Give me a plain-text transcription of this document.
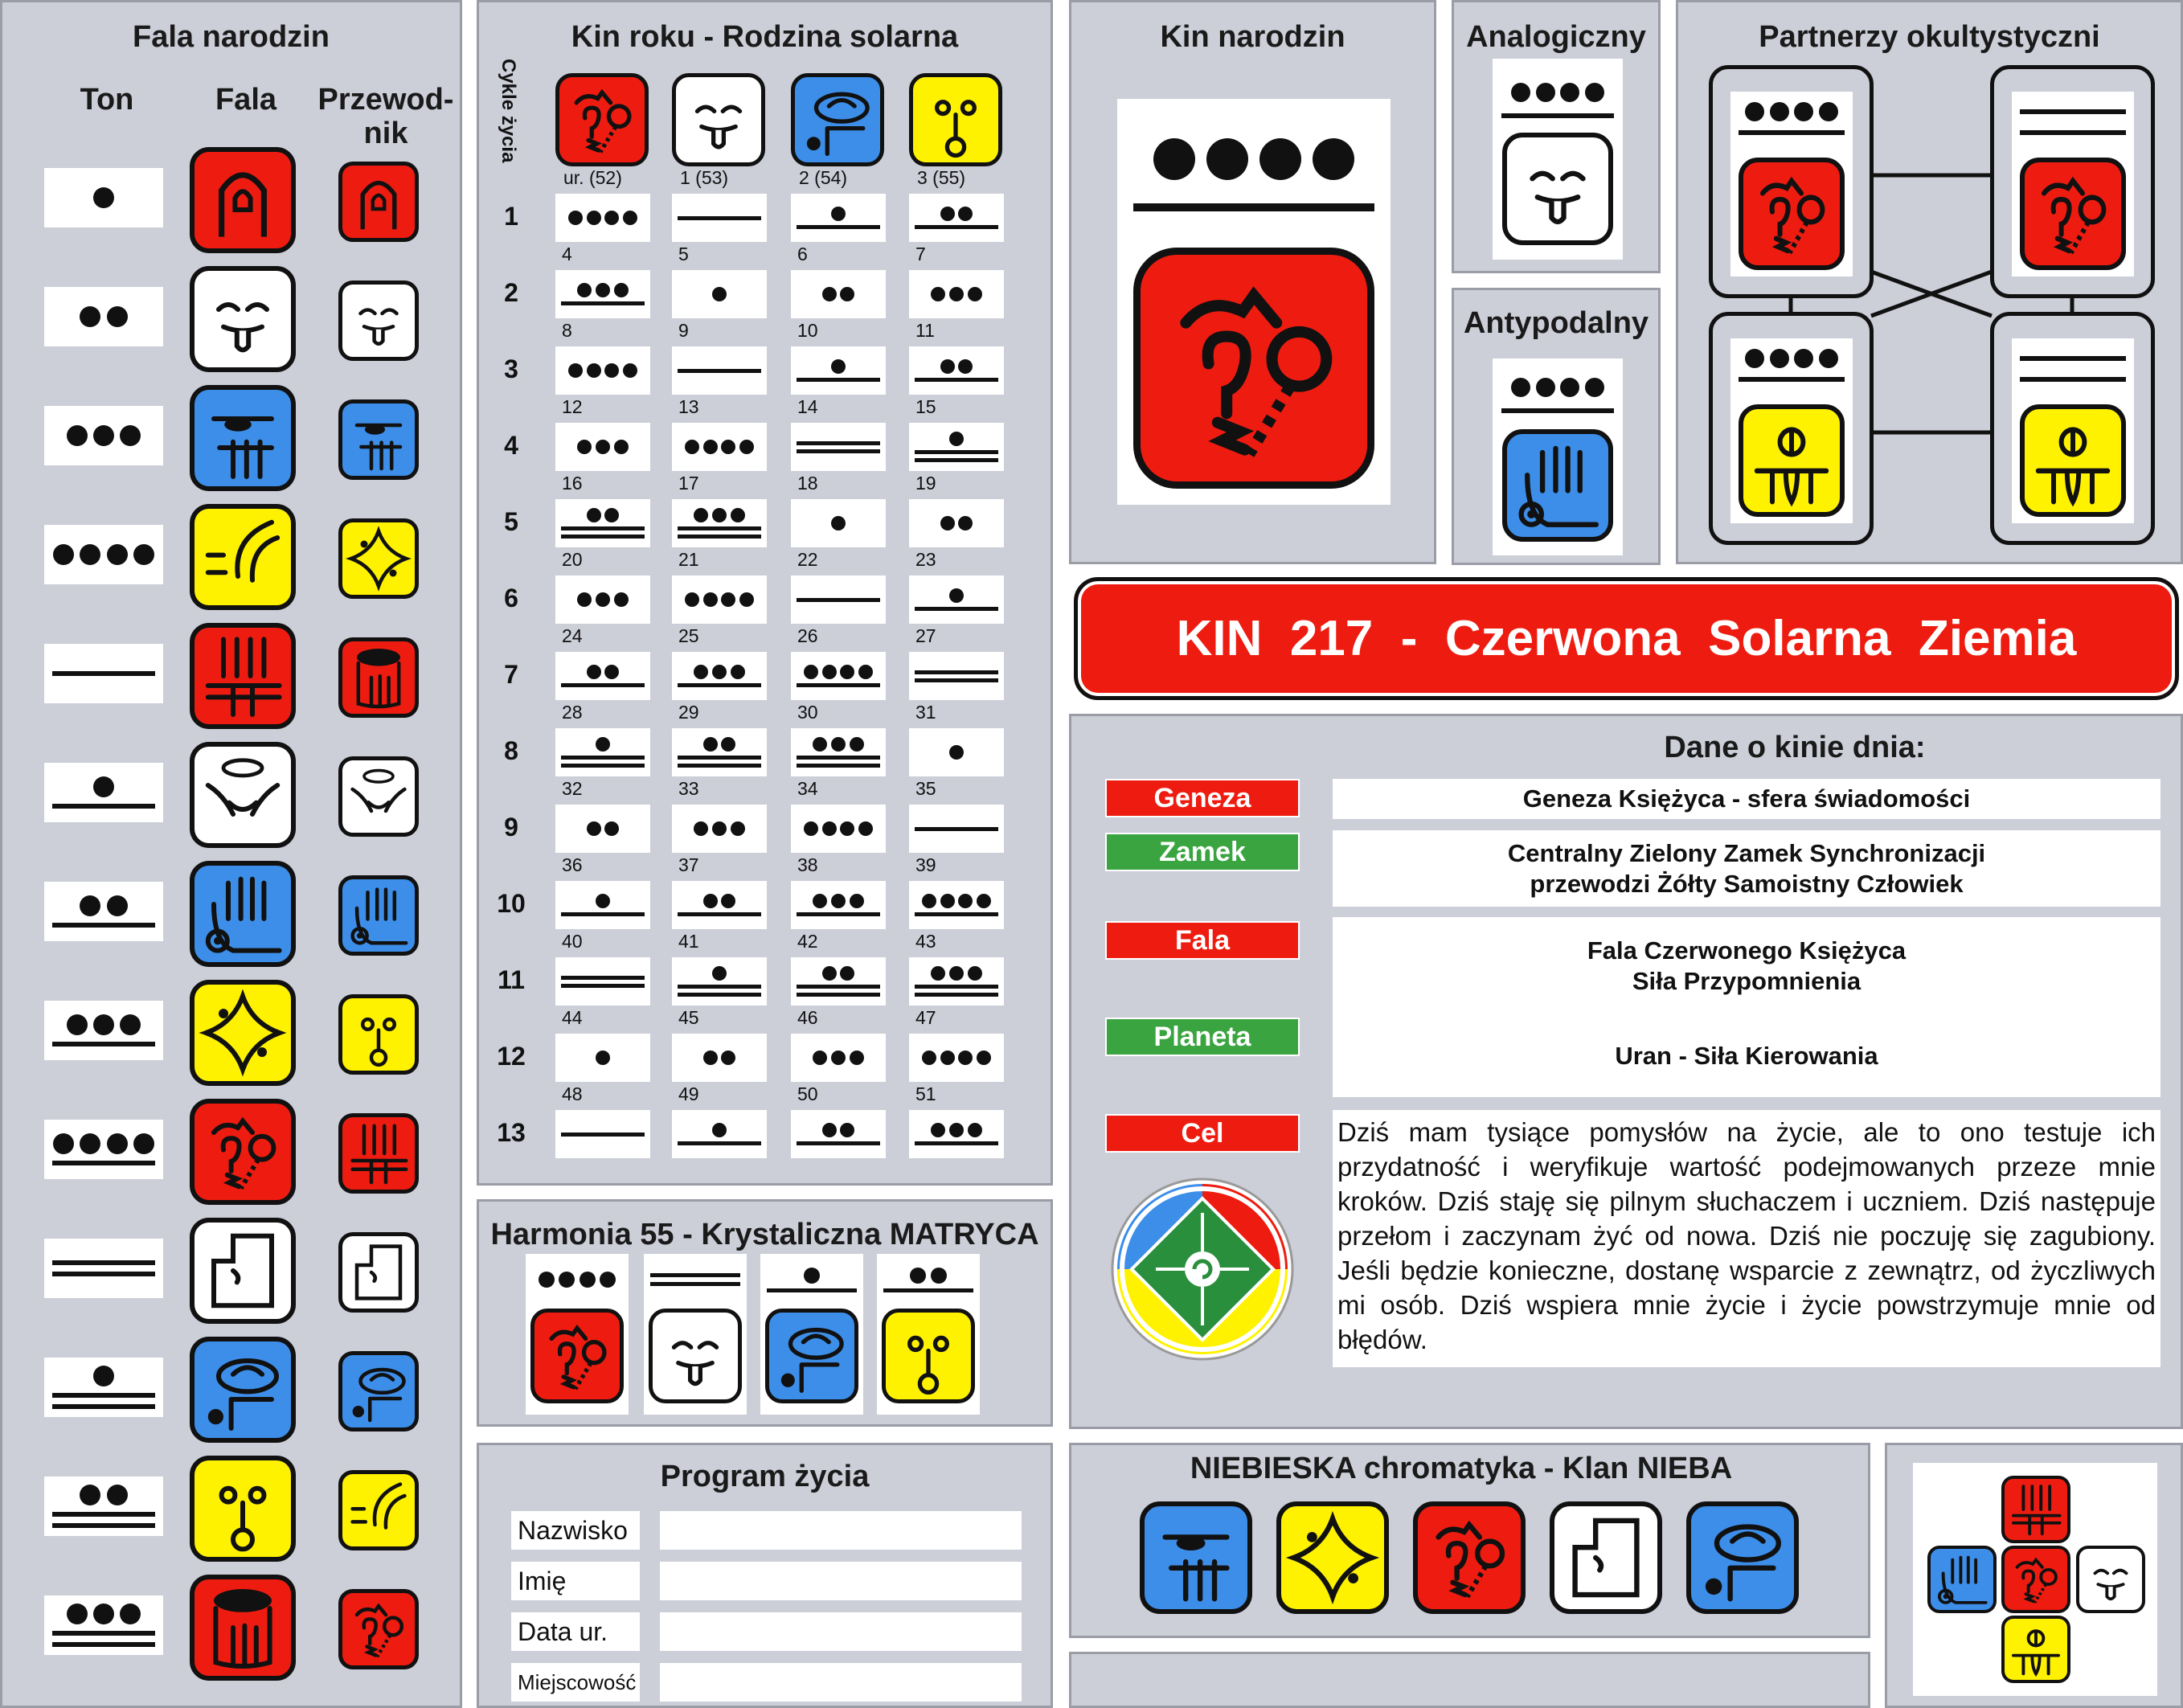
Fala narodzin
Ton	Fala	Przewod-
nik
Kin roku - Rodzina solarna
Cykle życia
ur. (52)	1 (53)	2 (54)	3 (55)
1
4	5	6	7
2
8	9	10	11
3
12	13	14	15
4
16	17	18	19
5
20	21	22	23
6
24	25	26	27
7
28	29	30	31
8
32	33	34	35
9
36	37	38	39
10
40	41	42	43
11
44	45	46	47
12
48	49	50	51
13
Harmonia 55 - Krystaliczna MATRYCA
Program życia
Nazwisko
Imię
Data ur.
Miejscowość
Kin narodzin	Analogiczny
Antypodalny
Partnerzy okultystyczni
KIN  217  -  Czerwona  Solarna  Ziemia
Dane o kinie dnia:
Geneza	Geneza Księżyca - sfera świadomości
Zamek	Centralny Zielony Zamek Synchronizacji
przewodzi Żółty Samoistny Człowiek
Fala	Fala Czerwonego Księżyca
Siła Przypomnienia
Planeta
Uran - Siła Kierowania
Cel	Dziś mam tysiące pomysłów na życie, ale to ono testuje ich przydatność i weryfikuje wartość podejmowanych przeze mnie kroków. Dziś staję się pilnym słuchaczem i uczniem. Dziś następuje przełom i zaczynam żyć od nowa. Dziś nie poczuję się zagubiony. Jeśli będzie konieczne, dostanę wsparcie z zewnątrz, od życzliwych mi osób. Dziś wspiera mnie życie i życie powstrzymuje mnie od błędów.
NIEBIESKA chromatyka - Klan NIEBA
